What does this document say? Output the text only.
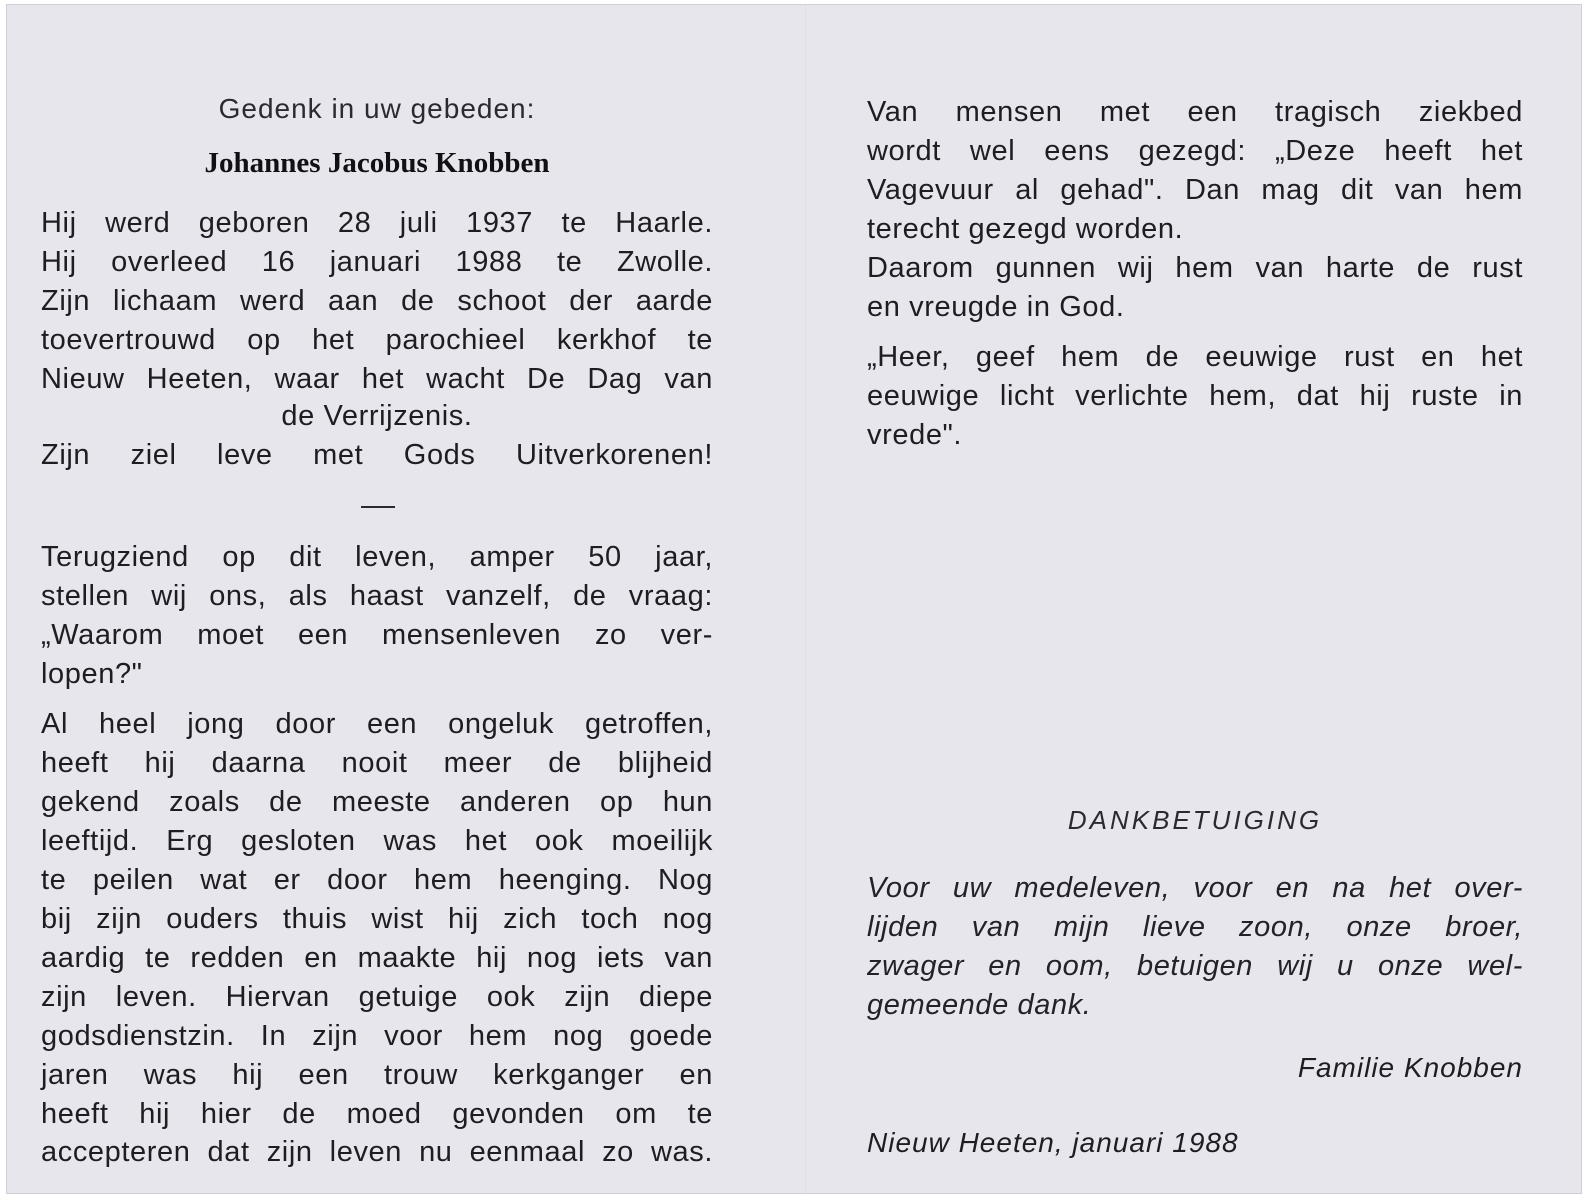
Gedenk in uw gebeden:
Johannes Jacobus Knobben
Hij werd geboren 28 juli 1937 te Haarle.
Hij overleed 16 januari 1988 te Zwolle.
Zijn lichaam werd aan de schoot der aarde
toevertrouwd op het parochieel kerkhof te
Nieuw Heeten, waar het wacht De Dag van
de Verrijzenis.
Zijn ziel leve met Gods Uitverkorenen!
Terugziend op dit leven, amper 50 jaar,
stellen wij ons, als haast vanzelf, de vraag:
„Waarom moet een mensenleven zo ver-
lopen?"
Al heel jong door een ongeluk getroffen,
heeft hij daarna nooit meer de blijheid
gekend zoals de meeste anderen op hun
leeftijd. Erg gesloten was het ook moeilijk
te peilen wat er door hem heenging. Nog
bij zijn ouders thuis wist hij zich toch nog
aardig te redden en maakte hij nog iets van
zijn leven. Hiervan getuige ook zijn diepe
godsdienstzin. In zijn voor hem nog goede
jaren was hij een trouw kerkganger en
heeft hij hier de moed gevonden om te
accepteren dat zijn leven nu eenmaal zo was.
Van mensen met een tragisch ziekbed
wordt wel eens gezegd: „Deze heeft het
Vagevuur al gehad". Dan mag dit van hem
terecht gezegd worden.
Daarom gunnen wij hem van harte de rust
en vreugde in God.
„Heer, geef hem de eeuwige rust en het
eeuwige licht verlichte hem, dat hij ruste in
vrede".
DANKBETUIGING
Voor uw medeleven, voor en na het over-
lijden van mijn lieve zoon, onze broer,
zwager en oom, betuigen wij u onze wel-
gemeende dank.
Familie Knobben
Nieuw Heeten, januari 1988
